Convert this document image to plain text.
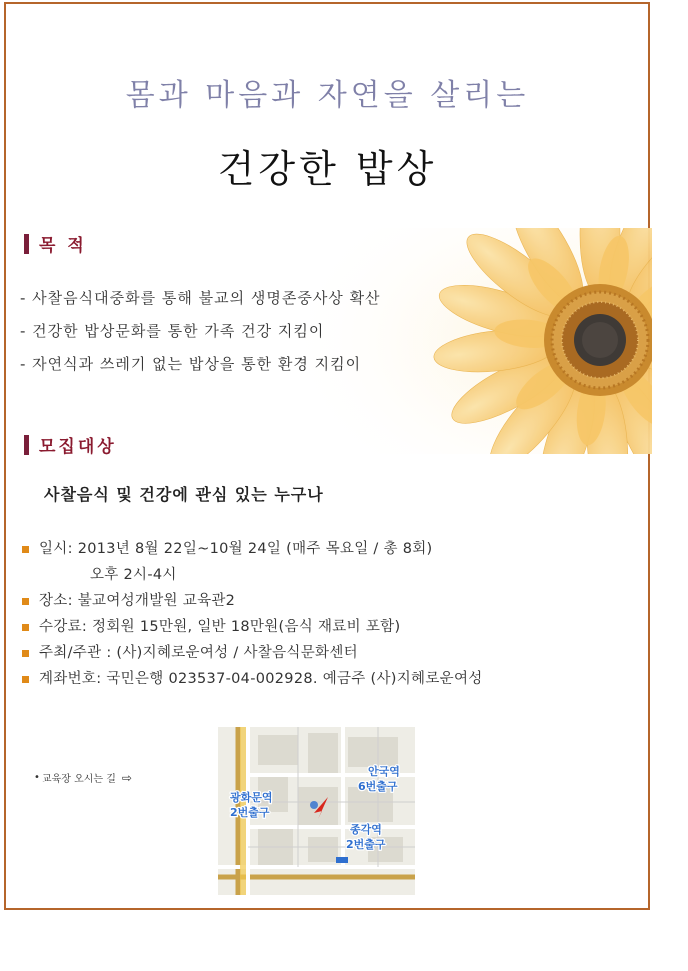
몸과 마음과 자연을 살리는
건강한 밥상
목 적
- 사찰음식대중화를 통해 불교의 생명존중사상 확산
- 건강한 밥상문화를 통한 가족 건강 지킴이
- 자연식과 쓰레기 없는 밥상을 통한 환경 지킴이
모집대상
사찰음식 및 건강에 관심 있는 누구나
일시: 2013년 8월 22일~10월 24일 (매주 목요일 / 총 8회)
오후 2시-4시
장소: 불교여성개발원 교육관2
수강료: 정회원 15만원, 일반 18만원(음식 재료비 포함)
주최/주관 : (사)지혜로운여성 / 사찰음식문화센터
계좌번호: 국민은행 023537-04-002928. 예금주 (사)지혜로운여성
• 교육장 오시는 길 ⇨
광화문역
2번출구
안국역
6번출구
종각역
2번출구
